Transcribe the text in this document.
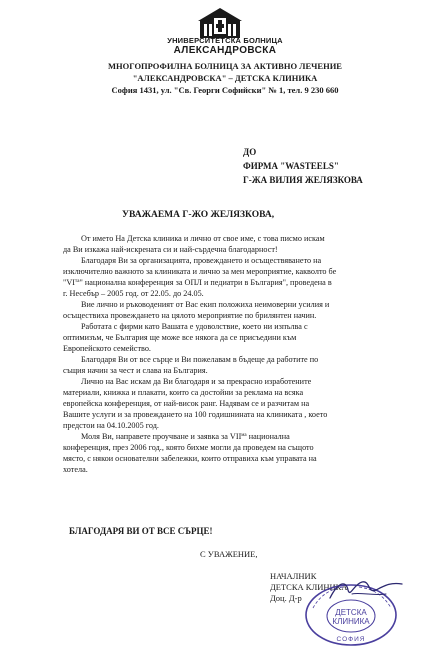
УНИВЕРСИТЕТСКА БОЛНИЦА
АЛЕКСАНДРОВСКА
МНОГОПРОФИЛНА БОЛНИЦА ЗА АКТИВНО ЛЕЧЕНИЕ
"АЛЕКСАНДРОВСКА" – ДЕТСКА КЛИНИКА
София 1431, ул. "Св. Георги Софийски" № 1, тел. 9 230 660
ДО
ФИРМА "WASTEELS"
Г-ЖА ВИЛИЯ ЖЕЛЯЗКОВА
УВАЖАЕМА Г-ЖО ЖЕЛЯЗКОВА,
От името На Детска клиника и лично от свое име, с това писмо искам
да Ви изкажа най-искрената си и най-сърдечна благодарност!
Благодаря Ви за организацията, провеждането и осъществяването на
изключително важното за клиниката и лично за мен мероприятие, какволто бе
"$VI^{та}$" национална конференция за ОПЛ и педиатри в България", проведена в
г. Несебър – 2005 год. от 22.05. до 24.05.
Вие лично и ръководеният от Вас екип положиха неимоверни усилия и
осъществиха провеждането на цялото мероприятие по брилянтен начин.
Работата с фирми като Вашата е удоволствие, което ни изпълва с
оптимизъм, че България ще може все някога да се присъедини към
Европейското семейство.
Благодаря Ви от все сърце и Ви пожелавам в бъдеще да работите по
същия начин за чест и слава на България.
Лично на Вас искам да Ви благодаря и за прекрасно изработените
материали, книжка и плакати, които са достойни за реклама на всяка
европейска конференция, от най-висок ранг. Надявам се и разчитам на
Вашите услуги и за провеждането на 100 годишнината на клиниката , което
предстои на 04.10.2005 год.
Моля Ви, направете проучване и заявка за $VII^{ма}$ национална
конференция, през 2006 год., която бихме могли да проведем на същото
място, с някои основателни забележки, които отправиха към управата на
хотела.
БЛАГОДАРЯ ВИ ОТ ВСЕ СЪРЦЕ!
С УВАЖЕНИЕ,
НАЧАЛНИК
ДЕТСКА КЛИНИКА
Доц. Д-р
ДЕТСКА
КЛИНИКА
СОФИЯ
